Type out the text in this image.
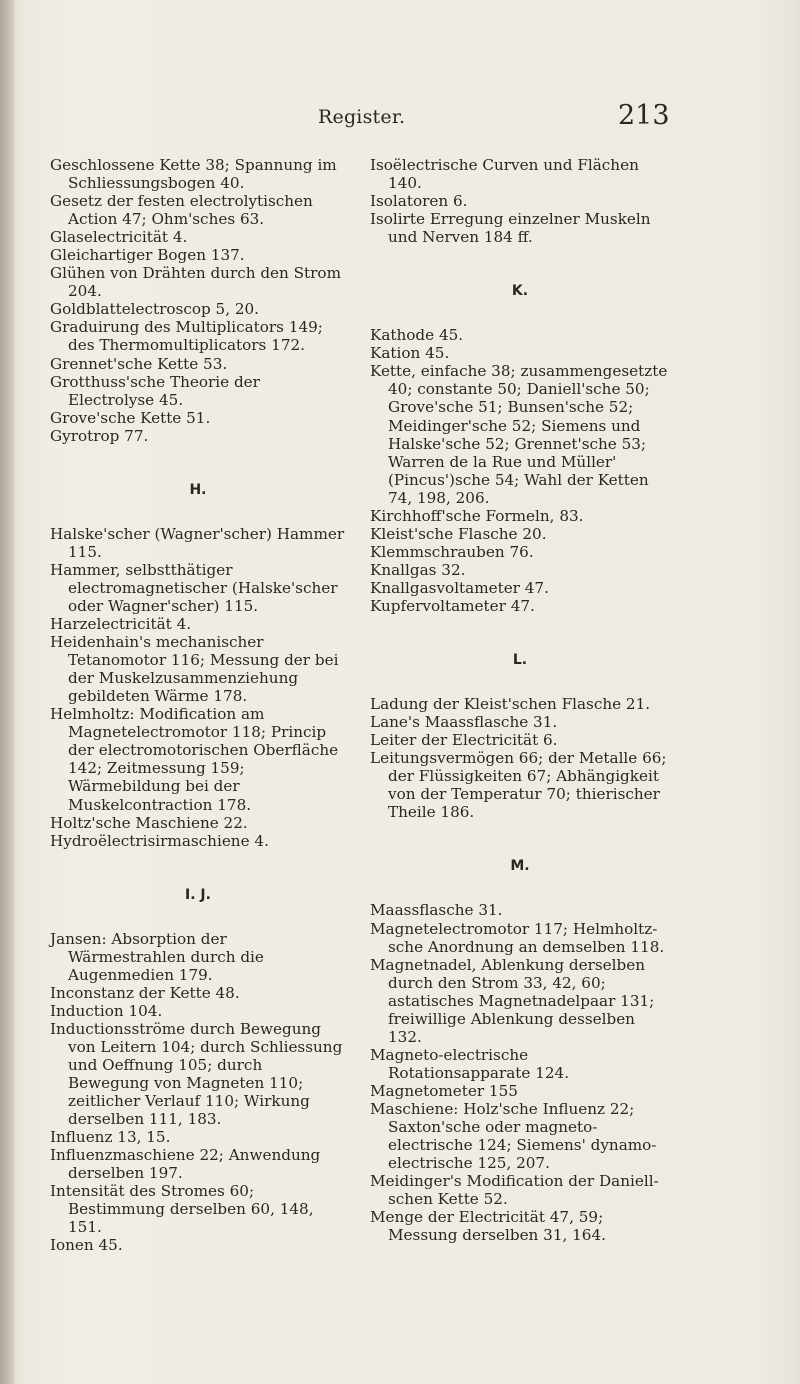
Register.	213

Geschlossene Kette 38; Spannung im Schliessungsbogen 40.

Gesetz der festen electrolytischen Action 47; Ohm'sches 63.

Glaselectricität 4.

Gleichartiger Bogen 137.

Glühen von Drähten durch den Strom 204.

Goldblattelectroscop 5, 20.

Graduirung des Multiplicators 149; des Thermomultiplicators 172.

Grennet'sche Kette 53.

Grotthuss'sche Theorie der Electrolyse 45.

Grove'sche Kette 51.

Gyrotrop 77.

H.

Halske'scher (Wagner'scher) Hammer 115.

Hammer, selbstthätiger electromagnetischer (Halske'scher oder Wagner'scher) 115.

Harzelectricität 4.

Heidenhain's mechanischer Tetanomotor 116; Messung der bei der Muskelzusammenziehung gebildeten Wärme 178.

Helmholtz: Modification am Magnetelectromotor 118; Princip der electromotorischen Oberfläche 142; Zeitmessung 159; Wärmebildung bei der Muskelcontraction 178.

Holtz'sche Maschiene 22.

Hydroëlectrisirmaschiene 4.

I. J.

Jansen: Absorption der Wärmestrahlen durch die Augenmedien 179.

Inconstanz der Kette 48.

Induction 104.

Inductionsströme durch Bewegung von Leitern 104; durch Schliessung und Oeffnung 105; durch Bewegung von Magneten 110; zeitlicher Verlauf 110; Wirkung derselben 111, 183.

Influenz 13, 15.

Influenzmaschiene 22; Anwendung derselben 197.

Intensität des Stromes 60; Bestimmung derselben 60, 148, 151.

Ionen 45.

Isoëlectrische Curven und Flächen 140.

Isolatoren 6.

Isolirte Erregung einzelner Muskeln und Nerven 184 ff.

K.

Kathode 45.

Kation 45.

Kette, einfache 38; zusammengesetzte 40; constante 50; Daniell'sche 50; Grove'sche 51; Bunsen'sche 52; Meidinger'sche 52; Siemens und Halske'sche 52; Grennet'sche 53; Warren de la Rue und Müller' (Pincus')sche 54; Wahl der Ketten 74, 198, 206.

Kirchhoff'sche Formeln, 83.

Kleist'sche Flasche 20.

Klemmschrauben 76.

Knallgas 32.

Knallgasvoltameter 47.

Kupfervoltameter 47.

L.

Ladung der Kleist'schen Flasche 21.

Lane's Maassflasche 31.

Leiter der Electricität 6.

Leitungsvermögen 66; der Metalle 66; der Flüssigkeiten 67; Abhängigkeit von der Temperatur 70; thierischer Theile 186.

M.

Maassflasche 31.

Magnetelectromotor 117; Helmholtz-sche Anordnung an demselben 118.

Magnetnadel, Ablenkung derselben durch den Strom 33, 42, 60; astatisches Magnetnadelpaar 131; freiwillige Ablenkung desselben 132.

Magneto-electrische Rotationsapparate 124.

Magnetometer 155

Maschiene: Holz'sche Influenz 22; Saxton'sche oder magneto-electrische 124; Siemens' dynamo-electrische 125, 207.

Meidinger's Modification der Daniell-schen Kette 52.

Menge der Electricität 47, 59; Messung derselben 31, 164.
